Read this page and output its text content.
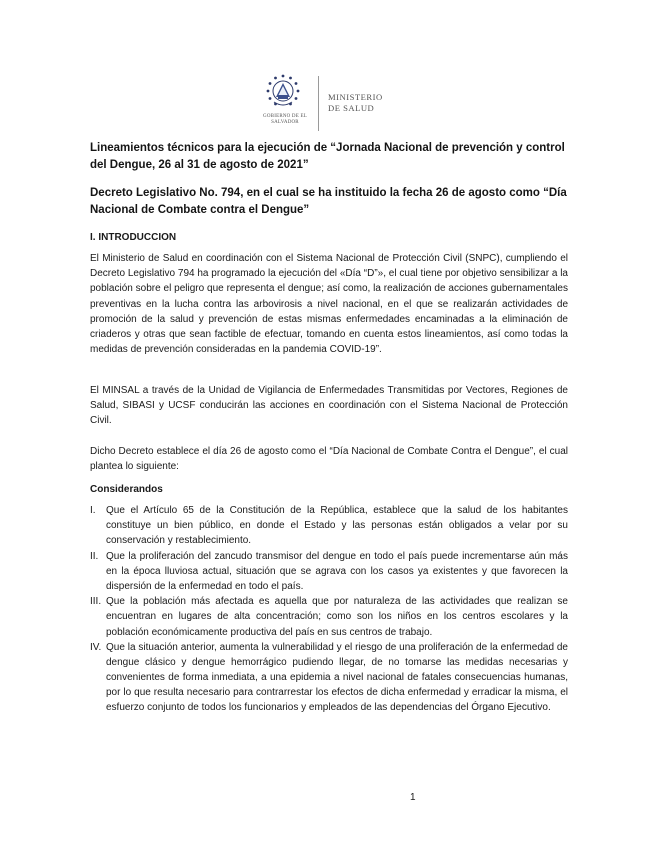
GOBIERNO DE EL SALVADOR
MINISTERIO
DE SALUD
Lineamientos técnicos para la ejecución de “Jornada Nacional de prevención y control del Dengue, 26 al 31 de agosto de 2021”
Decreto Legislativo No. 794, en el cual se ha instituido la fecha 26 de agosto como “Día Nacional de Combate contra el Dengue”
I. INTRODUCCION

El Ministerio de Salud en coordinación con el Sistema Nacional de Protección Civil (SNPC), cumpliendo el Decreto Legislativo 794 ha programado la ejecución del «Día “D”», el cual tiene por objetivo sensibilizar a la población sobre el peligro que representa el dengue; así como, la realización de acciones gubernamentales preventivas en la lucha contra las arbovirosis a nivel nacional, en el que se realizarán actividades de promoción de la salud y prevención de estas mismas enfermedades encaminadas a la eliminación de criaderos y otras que sean factible de efectuar, tomando en cuenta estos lineamientos, así como todas la medidas de prevención consideradas en la pandemia COVID-19”.

El MINSAL a través de la Unidad de Vigilancia de Enfermedades Transmitidas por Vectores, Regiones de Salud, SIBASI y UCSF conducirán las acciones en coordinación con el Sistema Nacional de Protección Civil.

Dicho Decreto establece el día 26 de agosto como el “Día Nacional de Combate Contra el Dengue”, el cual plantea lo siguiente:

Considerandos
I. Que el Artículo 65 de la Constitución de la República, establece que la salud de los habitantes constituye un bien público, en donde el Estado y las personas están obligados a velar por su conservación y restablecimiento.
II. Que la proliferación del zancudo transmisor del dengue en todo el país puede incrementarse aún más en la época lluviosa actual, situación que se agrava con los casos ya existentes y que favorecen la dispersión de la enfermedad en todo el país.
III. Que la población más afectada es aquella que por naturaleza de las actividades que realizan se encuentran en lugares de alta concentración; como son los niños en los centros escolares y la población económicamente productiva del país en sus centros de trabajo.
IV. Que la situación anterior, aumenta la vulnerabilidad y el riesgo de una proliferación de la enfermedad de dengue clásico y dengue hemorrágico pudiendo llegar, de no tomarse las medidas necesarias y convenientes de forma inmediata, a una epidemia a nivel nacional de fatales consecuencias humanas, por lo que resulta necesario para contrarrestar los efectos de dicha enfermedad y erradicar la misma, el esfuerzo conjunto de todos los funcionarios y empleados de las dependencias del Órgano Ejecutivo.
1
